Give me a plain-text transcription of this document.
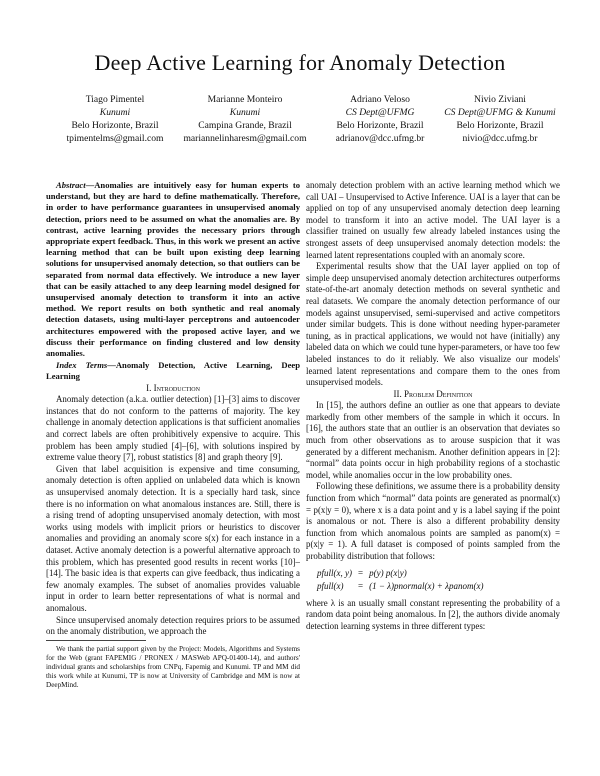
Deep Active Learning for Anomaly Detection
Tiago Pimentel
Kunumi
Belo Horizonte, Brazil
tpimentelms@gmail.com
Marianne Monteiro
Kunumi
Campina Grande, Brazil
mariannelinharesm@gmail.com
Adriano Veloso
CS Dept@UFMG
Belo Horizonte, Brazil
adrianov@dcc.ufmg.br
Nivio Ziviani
CS Dept@UFMG & Kunumi
Belo Horizonte, Brazil
nivio@dcc.ufmg.br

Abstract—Anomalies are intuitively easy for human experts to understand, but they are hard to define mathematically. Therefore, in order to have performance guarantees in unsupervised anomaly detection, priors need to be assumed on what the anomalies are. By contrast, active learning provides the necessary priors through appropriate expert feedback. Thus, in this work we present an active learning method that can be built upon existing deep learning solutions for unsupervised anomaly detection, so that outliers can be separated from normal data effectively. We introduce a new layer that can be easily attached to any deep learning model designed for unsupervised anomaly detection to transform it into an active method. We report results on both synthetic and real anomaly detection datasets, using multi-layer perceptrons and autoencoder architectures empowered with the proposed active layer, and we discuss their performance on finding clustered and low density anomalies.

Index Terms—Anomaly Detection, Active Learning, Deep Learning

I. Introduction

Anomaly detection (a.k.a. outlier detection) [1]–[3] aims to discover instances that do not conform to the patterns of majority. The key challenge in anomaly detection applications is that sufficient anomalies and correct labels are often prohibitively expensive to acquire. This problem has been amply studied [4]–[6], with solutions inspired by extreme value theory [7], robust statistics [8] and graph theory [9].

Given that label acquisition is expensive and time consuming, anomaly detection is often applied on unlabeled data which is known as unsupervised anomaly detection. It is a specially hard task, since there is no information on what anomalous instances are. Still, there is a rising trend of adopting unsupervised anomaly detection, with most works using models with implicit priors or heuristics to discover anomalies and providing an anomaly score s(x) for each instance in a dataset. Active anomaly detection is a powerful alternative approach to this problem, which has presented good results in recent works [10]–[14]. The basic idea is that experts can give feedback, thus indicating a few anomaly examples. The subset of anomalies provides valuable input in order to learn better representations of what is normal and anomalous.

Since unsupervised anomaly detection requires priors to be assumed on the anomaly distribution, we approach the

We thank the partial support given by the Project: Models, Algorithms and Systems for the Web (grant FAPEMIG / PRONEX / MASWeb APQ-01400-14), and authors' individual grants and scholarships from CNPq, Fapemig and Kunumi. TP and MM did this work while at Kunumi, TP is now at University of Cambridge and MM is now at DeepMind.

anomaly detection problem with an active learning method which we call UAI – Unsupervised to Active Inference. UAI is a layer that can be applied on top of any unsupervised anomaly detection deep learning model to transform it into an active model. The UAI layer is a classifier trained on usually few already labeled instances using the strongest assets of deep unsupervised anomaly detection models: the learned latent representations coupled with an anomaly score.

Experimental results show that the UAI layer applied on top of simple deep unsupervised anomaly detection architectures outperforms state-of-the-art anomaly detection methods on several synthetic and real datasets. We compare the anomaly detection performance of our models against unsupervised, semi-supervised and active competitors under similar budgets. This is done without needing hyper-parameter tuning, as in practical applications, we would not have (initially) any labeled data on which we could tune hyper-parameters, or have too few labeled instances to do it reliably. We also visualize our models' learned latent representations and compare them to the ones from unsupervised models.

II. Problem Definition

In [15], the authors define an outlier as one that appears to deviate markedly from other members of the sample in which it occurs. In [16], the authors state that an outlier is an observation that deviates so much from other observations as to arouse suspicion that it was generated by a different mechanism. Another definition appears in [2]: “normal” data points occur in high probability regions of a stochastic model, while anomalies occur in the low probability ones.

Following these definitions, we assume there is a probability density function from which “normal” data points are generated as pnormal(x) = p(x|y = 0), where x is a data point and y is a label saying if the point is anomalous or not. There is also a different probability density function from which anomalous points are sampled as panom(x) = p(x|y = 1). A full dataset is composed of points sampled from the probability distribution that follows:

pfull(x, y)	=	p(y) p(x|y)
pfull(x)	=	(1 − λ)pnormal(x) + λpanom(x)

where λ is an usually small constant representing the probability of a random data point being anomalous. In [2], the authors divide anomaly detection learning systems in three different types:
